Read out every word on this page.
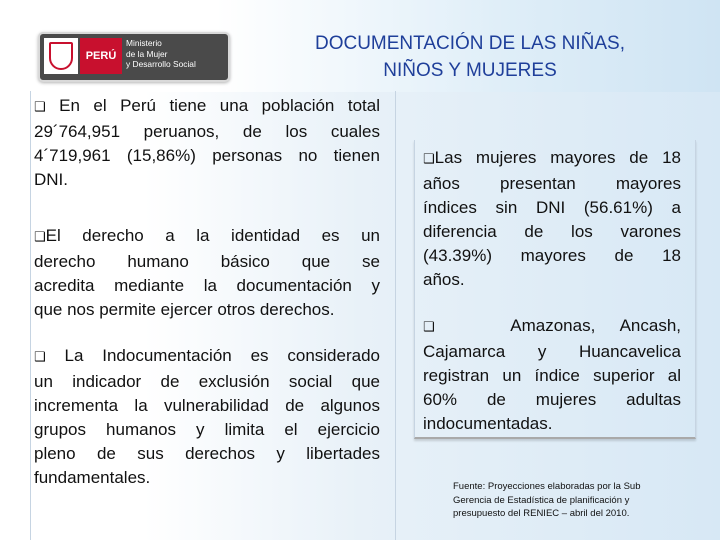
PERÚ
Ministerio
de la Mujer
y Desarrollo Social
DOCUMENTACIÓN DE LAS NIÑAS,
NIÑOS Y MUJERES
❑ En el Perú tiene una población total
29´764,951 peruanos, de los cuales
4´719,961 (15,86%) personas no tienen
DNI.
❑El derecho a la identidad es un
derecho humano básico que se
acredita mediante la documentación y
que nos permite ejercer otros derechos.
❑ La Indocumentación es considerado
un indicador de exclusión social que
incrementa la vulnerabilidad de algunos
grupos humanos y limita el ejercicio
pleno de sus derechos y libertades
fundamentales.
❑Las mujeres mayores de 18
años presentan mayores
índices sin DNI (56.61%) a
diferencia de los varones
(43.39%) mayores de 18
años.
❑	Amazonas, Ancash,
Cajamarca y Huancavelica
registran un índice superior al
60% de mujeres adultas
indocumentadas.
Fuente: Proyecciones elaboradas por la Sub
Gerencia de Estadística de planificación y
presupuesto del RENIEC – abril del 2010.
